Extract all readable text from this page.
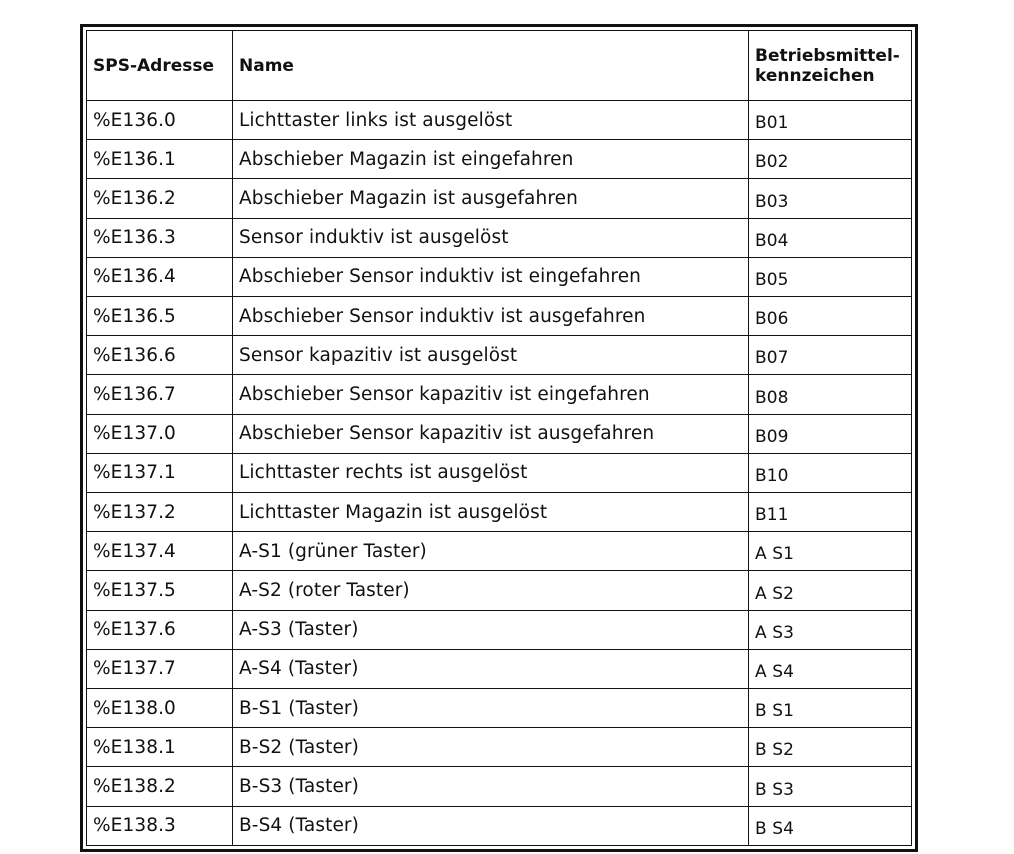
SPS-Adresse	Name	Betriebsmittel-
kennzeichen
%E136.0	Lichttaster links ist ausgelöst	B01
%E136.1	Abschieber Magazin ist eingefahren	B02
%E136.2	Abschieber Magazin ist ausgefahren	B03
%E136.3	Sensor induktiv ist ausgelöst	B04
%E136.4	Abschieber Sensor induktiv ist eingefahren	B05
%E136.5	Abschieber Sensor induktiv ist ausgefahren	B06
%E136.6	Sensor kapazitiv ist ausgelöst	B07
%E136.7	Abschieber Sensor kapazitiv ist eingefahren	B08
%E137.0	Abschieber Sensor kapazitiv ist ausgefahren	B09
%E137.1	Lichttaster rechts ist ausgelöst	B10
%E137.2	Lichttaster Magazin ist ausgelöst	B11
%E137.4	A-S1 (grüner Taster)	A S1
%E137.5	A-S2 (roter Taster)	A S2
%E137.6	A-S3 (Taster)	A S3
%E137.7	A-S4 (Taster)	A S4
%E138.0	B-S1 (Taster)	B S1
%E138.1	B-S2 (Taster)	B S2
%E138.2	B-S3 (Taster)	B S3
%E138.3	B-S4 (Taster)	B S4
